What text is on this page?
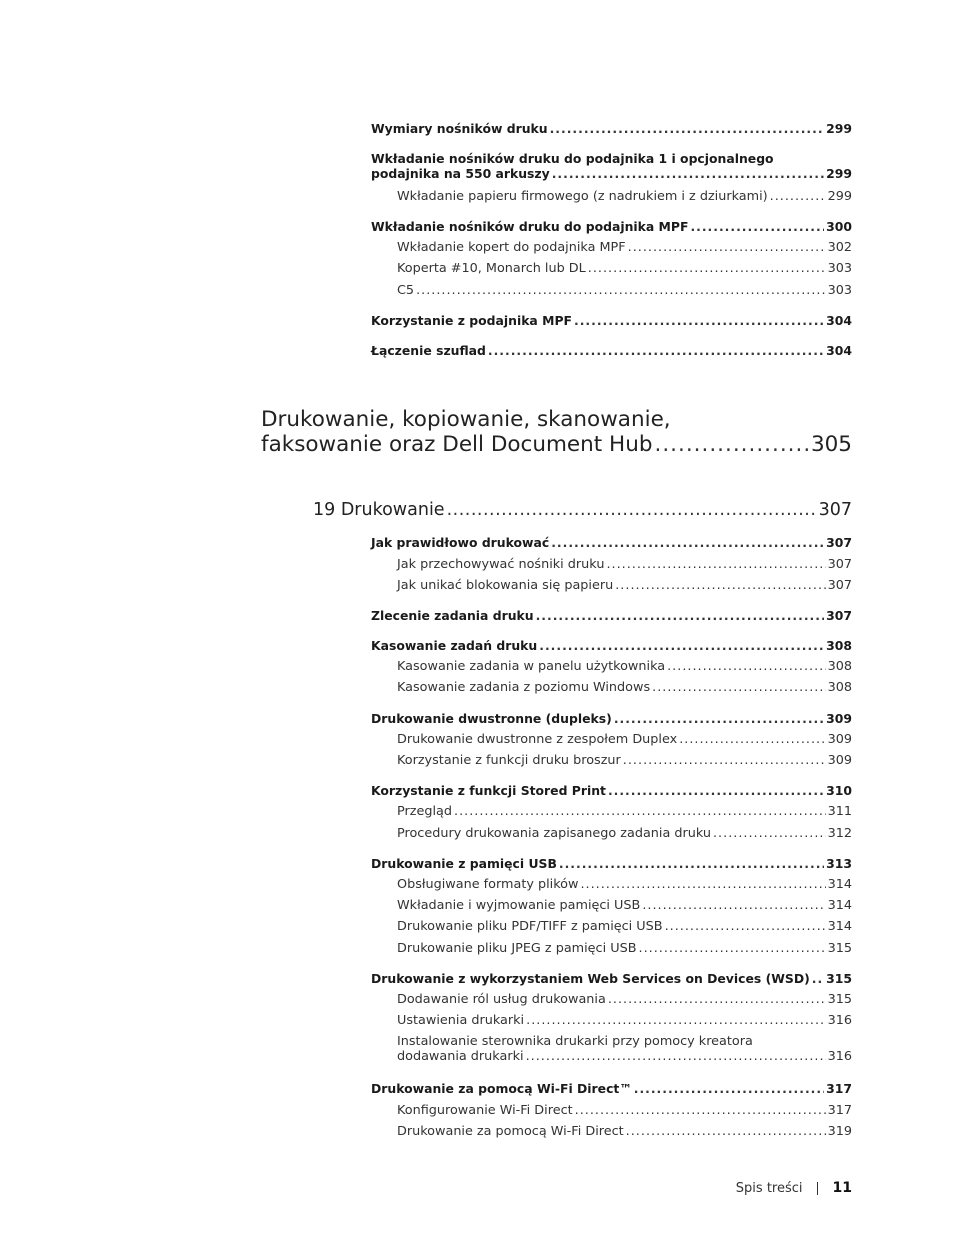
Wymiary nośników druku .....	299
Wkładanie nośników druku do podajnika 1 i opcjonalnego
podajnika na 550 arkuszy .....	299
Wkładanie papieru firmowego (z nadrukiem i z dziurkami) .....	299
Wkładanie nośników druku do podajnika MPF .....	300
Wkładanie kopert do podajnika MPF .....	302
Koperta #10, Monarch lub DL .....	303
C5 .....	303
Korzystanie z podajnika MPF .....	304
Łączenie szuflad .....	304
Drukowanie, kopiowanie, skanowanie,
faksowanie oraz Dell Document Hub .....	305
19 Drukowanie .....	307
Jak prawidłowo drukować .....	307
Jak przechowywać nośniki druku .....	307
Jak unikać blokowania się papieru .....	307
Zlecenie zadania druku .....	307
Kasowanie zadań druku .....	308
Kasowanie zadania w panelu użytkownika .....	308
Kasowanie zadania z poziomu Windows .....	308
Drukowanie dwustronne (dupleks) .....	309
Drukowanie dwustronne z zespołem Duplex .....	309
Korzystanie z funkcji druku broszur .....	309
Korzystanie z funkcji Stored Print .....	310
Przegląd .....	311
Procedury drukowania zapisanego zadania druku .....	312
Drukowanie z pamięci USB .....	313
Obsługiwane formaty plików .....	314
Wkładanie i wyjmowanie pamięci USB .....	314
Drukowanie pliku PDF/TIFF z pamięci USB .....	314
Drukowanie pliku JPEG z pamięci USB .....	315
Drukowanie z wykorzystaniem Web Services on Devices (WSD) ..... 315
Dodawanie ról usług drukowania .....	315
Ustawienia drukarki .....	316
Instalowanie sterownika drukarki przy pomocy kreatora
dodawania drukarki .....	316
Drukowanie za pomocą Wi-Fi Direct™ .....	317
Konfigurowanie Wi-Fi Direct .....	317
Drukowanie za pomocą Wi-Fi Direct .....	319
Spis treści 11
